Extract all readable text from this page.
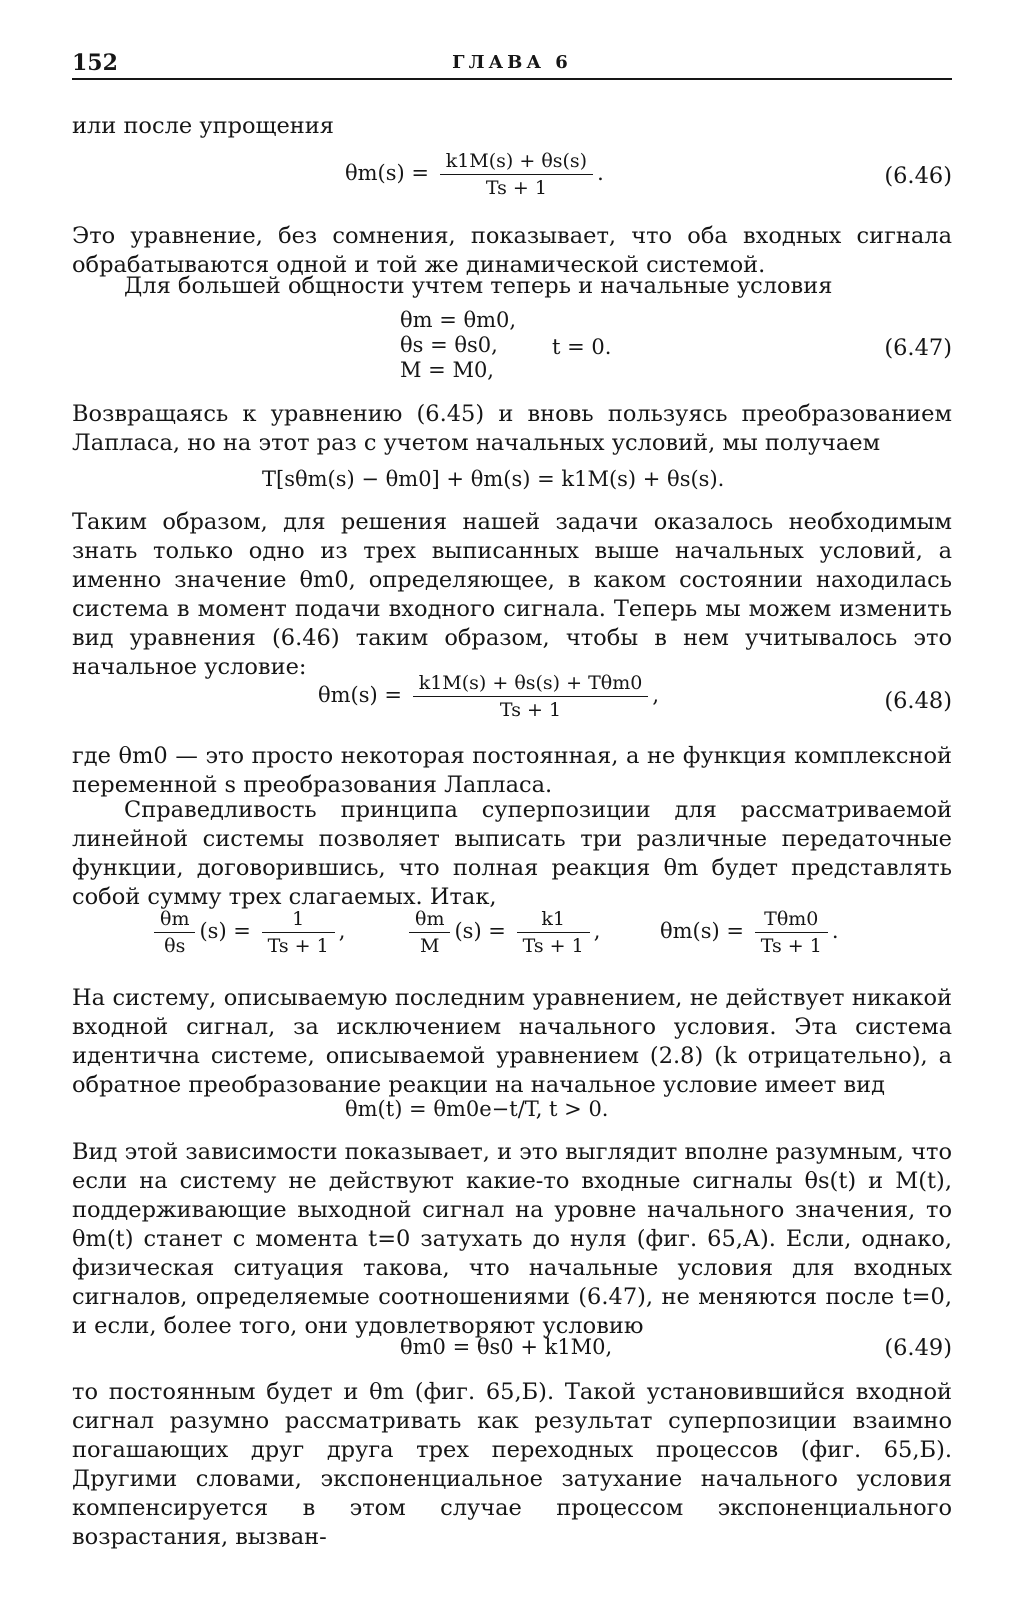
152	ГЛАВА 6
или после упрощения
$\theta m(s) = \frac{k1M(s) + \theta s(s)}{Ts + 1}$ .	(6.46)
Это уравнение, без сомнения, показывает, что оба входных сигнала обрабатываются одной и той же динамической системой.
Для большей общности учтем теперь и начальные условия
θm = θm0,
θs = θs0,
M = M0,
t = 0.	(6.47)
Возвращаясь к уравнению (6.45) и вновь пользуясь преобразованием Лапласа, но на этот раз с учетом начальных условий, мы получаем
T[sθm(s) − θm0] + θm(s) = k1M(s) + θs(s).
Таким образом, для решения нашей задачи оказалось необходимым знать только одно из трех выписанных выше начальных условий, а именно значение θm0, определяющее, в каком состоянии находилась система в момент подачи входного сигнала. Теперь мы можем изменить вид уравнения (6.46) таким образом, чтобы в нем учитывалось это начальное условие:
$\theta m(s) = \frac{\text{k1M(s) + θs(s) + Tθm0}}{Ts + 1}$ ,	(6.48)
где θm0 — это просто некоторая постоянная, а не функция комплексной переменной s преобразования Лапласа.
Справедливость принципа суперпозиции для рассматриваемой линейной системы позволяет выписать три различные передаточные функции, договорившись, что полная реакция θm будет представлять собой сумму трех слагаемых. Итак,
$\frac{\theta m}{\theta s} (s) = \frac{1}{Ts + 1}$ ,	$\frac{\theta m}{M} (s) = \frac{k1}{Ts + 1}$ ,	$\theta m(s) = \frac{\text{Tθm0}}{Ts + 1}$ .
На систему, описываемую последним уравнением, не действует никакой входной сигнал, за исключением начального условия. Эта система идентична системе, описываемой уравнением (2.8) (k отрицательно), а обратное преобразование реакции на начальное условие имеет вид
θm(t) = θm0e−t/T, t > 0.
Вид этой зависимости показывает, и это выглядит вполне разумным, что если на систему не действуют какие-то входные сигналы θs(t) и M(t), поддерживающие выходной сигнал на уровне начального значения, то θm(t) станет с момента t=0 затухать до нуля (фиг. 65,А). Если, однако, физическая ситуация такова, что начальные условия для входных сигналов, определяемые соотношениями (6.47), не меняются после t=0, и если, более того, они удовлетворяют условию
θm0 = θs0 + k1M0,	(6.49)
то постоянным будет и θm (фиг. 65,Б). Такой установившийся входной сигнал разумно рассматривать как результат суперпозиции взаимно погашающих друг друга трех переходных процессов (фиг. 65,Б). Другими словами, экспоненциальное затухание начального условия компенсируется в этом случае процессом экспоненциального возрастания, вызван-
